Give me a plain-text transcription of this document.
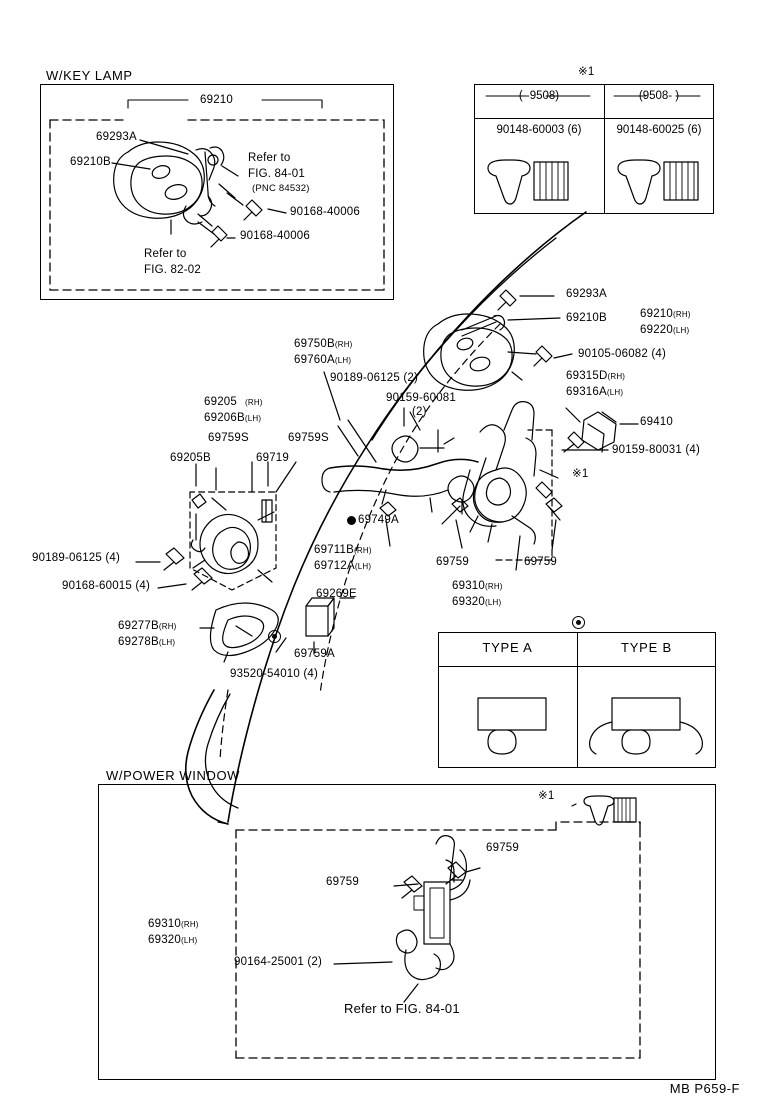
W/KEY LAMP
69210
69293A
69210B
90168-40006
90168-40006
Refer to
FIG. 84-01
(PNC 84532)
Refer to
FIG. 82-02
※1
( -9508)	(9508- )
90148-60003 (6)	90148-60025 (6)
69293A
69210B	69210(RH)
69220(LH)
90105-06082 (4)
69315D(RH)
69316A(LH)
69410
90159-80031 (4)
※1
69750B(RH)
69760A(LH)
90189-06125 (2)
90159-60081
(2)
69205 (RH)
69206B(LH)
69759S	69759S
69205B	69719
69749A
69711B(RH)
69712A(LH)	69759	69759
69310(RH)
69320(LH)
90189-06125 (4)
90168-60015 (4)
69269E
69277B(RH)
69278B(LH)
93520-54010 (4)
69759A	TYPE A	TYPE B
W/POWER WINDOW
※1
69759
69759
69310(RH)
69320(LH)
90164-25001 (2)
Refer to FIG. 84-01
MB P659-F
